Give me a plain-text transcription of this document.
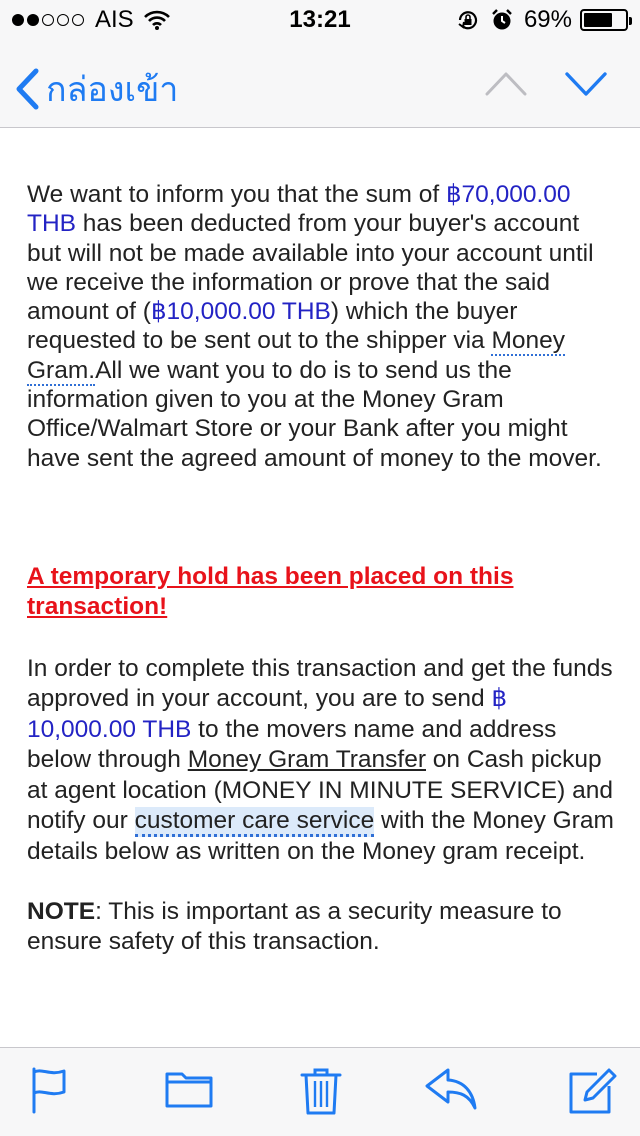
AIS	13:21	69%
กล่องเข้า

We want to inform you that the sum of ฿70,000.00 THB has been deducted from your buyer's account but will not be made available into your account until we receive the information or prove that the said amount of (฿10,000.00 THB) which the buyer requested to be sent out to the shipper via Money Gram.All we want you to do is to send us the information given to you at the Money Gram Office/Walmart Store or your Bank after you might have sent the agreed amount of money to the mover.

A temporary hold has been placed on this transaction!

In order to complete this transaction and get the funds approved in your account, you are to send ฿ 10,000.00 THB to the movers name and address below through Money Gram Transfer on Cash pickup at agent location (MONEY IN MINUTE SERVICE) and notify our customer care service with the Money Gram details below as written on the Money gram receipt.

NOTE: This is important as a security measure to ensure safety of this transaction.
